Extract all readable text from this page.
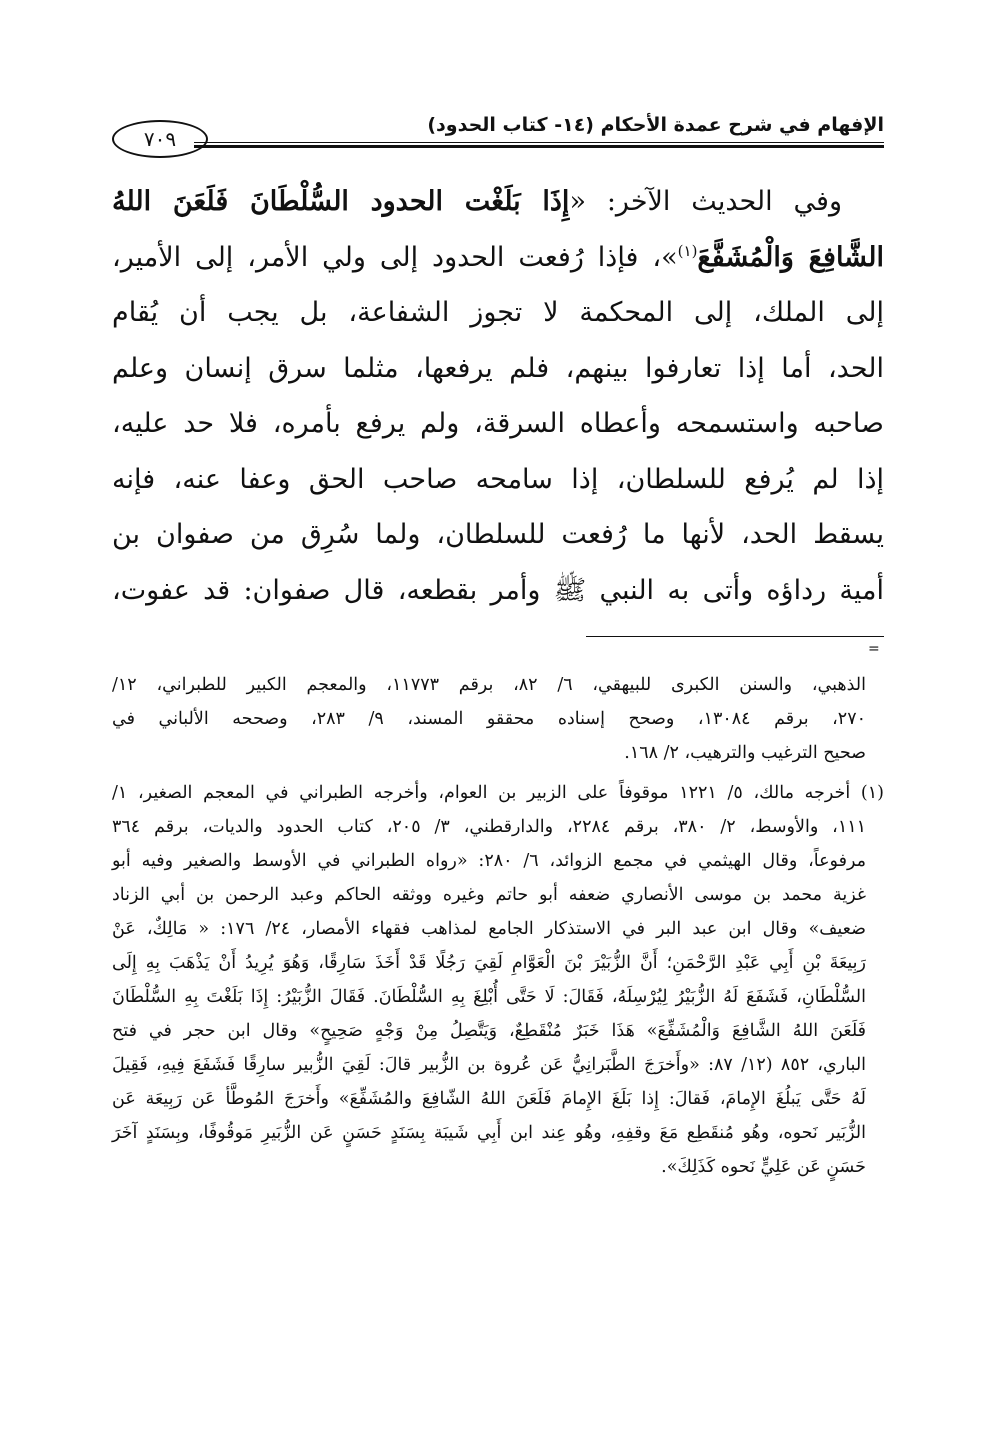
الإفهام في شرح عمدة الأحكام (١٤- كتاب الحدود)
٧٠٩
وفي الحديث الآخر: «إِذَا بَلَغْت الحدود السُّلْطَانَ فَلَعَنَ اللهُ
الشَّافِعَ وَالْمُشَفَّعَ$^{(١)}$»، فإذا رُفعت الحدود إلى ولي الأمر، إلى الأمير،
إلى الملك، إلى المحكمة لا تجوز الشفاعة، بل يجب أن يُقام
الحد، أما إذا تعارفوا بينهم، فلم يرفعها، مثلما سرق إنسان وعلم
صاحبه واستسمحه وأعطاه السرقة، ولم يرفع بأمره، فلا حد عليه،
إذا لم يُرفع للسلطان، إذا سامحه صاحب الحق وعفا عنه، فإنه
يسقط الحد، لأنها ما رُفعت للسلطان، ولما سُرِق من صفوان بن
أمية رداؤه وأتى به النبي ﷺ وأمر بقطعه، قال صفوان: قد عفوت،
=
الذهبي، والسنن الكبرى للبيهقي، ٦/ ٨٢، برقم ١١٧٧٣، والمعجم الكبير للطبراني، ١٢/
٢٧٠، برقم ١٣٠٨٤، وصحح إسناده محققو المسند، ٩/ ٢٨٣، وصححه الألباني في
صحيح الترغيب والترهيب، ٢/ ١٦٨.
(١) أخرجه مالك، ٥/ ١٢٢١ موقوفاً على الزبير بن العوام، وأخرجه الطبراني في المعجم الصغير، ١/
١١١، والأوسط، ٢/ ٣٨٠، برقم ٢٢٨٤، والدارقطني، ٣/ ٢٠٥، كتاب الحدود والديات، برقم ٣٦٤
مرفوعاً، وقال الهيثمي في مجمع الزوائد، ٦/ ٢٨٠: «رواه الطبراني في الأوسط والصغير وفيه أبو
غزية محمد بن موسى الأنصاري ضعفه أبو حاتم وغيره ووثقه الحاكم وعبد الرحمن بن أبي الزناد
ضعيف» وقال ابن عبد البر في الاستذكار الجامع لمذاهب فقهاء الأمصار، ٢٤/ ١٧٦: « مَالِكٌ، عَنْ
رَبِيعَةَ بْنِ أَبِي عَبْدِ الرَّحْمَنِ؛ أَنَّ الزُّبَيْرَ بْنَ الْعَوَّامِ لَقِيَ رَجُلًا قَدْ أَخَذَ سَارِقًا، وَهُوَ يُرِيدُ أَنْ يَذْهَبَ بِهِ إِلَى
السُّلْطَانِ، فَشَفَعَ لَهُ الزُّبَيْرُ لِيُرْسِلَهُ، فَقَالَ: لَا حَتَّى أُبْلِغَ بِهِ السُّلْطَانَ. فَقَالَ الزُّبَيْرُ: إِذَا بَلَغْتَ بِهِ السُّلْطَانَ
فَلَعَنَ اللهُ الشَّافِعَ وَالْمُشَفِّعَ» هَذَا خَبَرٌ مُنْقَطِعٌ، وَيَتَّصِلُ مِنْ وَجْهٍ صَحِيحٍ» وقال ابن حجر في فتح
الباري، ٨٥٢ (١٢/ ٨٧: «وأَخرَجَ الطَّبَرانِيُّ عَن عُروة بن الزُّبير قالَ: لَقِيَ الزُّبير سارِقًا فَشَفَعَ فِيهِ، فَقِيلَ
لَهُ حَتَّى يَبلُغَ الإِمامَ، فَقالَ: إِذا بَلَغَ الإِمامَ فَلَعَنَ اللهُ الشّافِعَ والمُشَفِّعَ» وأَخرَجَ المُوطَّأ عَن رَبِيعَة عَن
الزُّبَير نَحوه، وهُو مُنقَطِع مَعَ وقفِهِ، وهُو عِند ابن أَبِي شَيبَة بِسَنَدٍ حَسَنٍ عَن الزُّبَيرِ مَوقُوفًا، وبِسَنَدٍ آخَرَ
حَسَنٍ عَن عَلِيٍّ نَحوه كَذَلِكَ».
